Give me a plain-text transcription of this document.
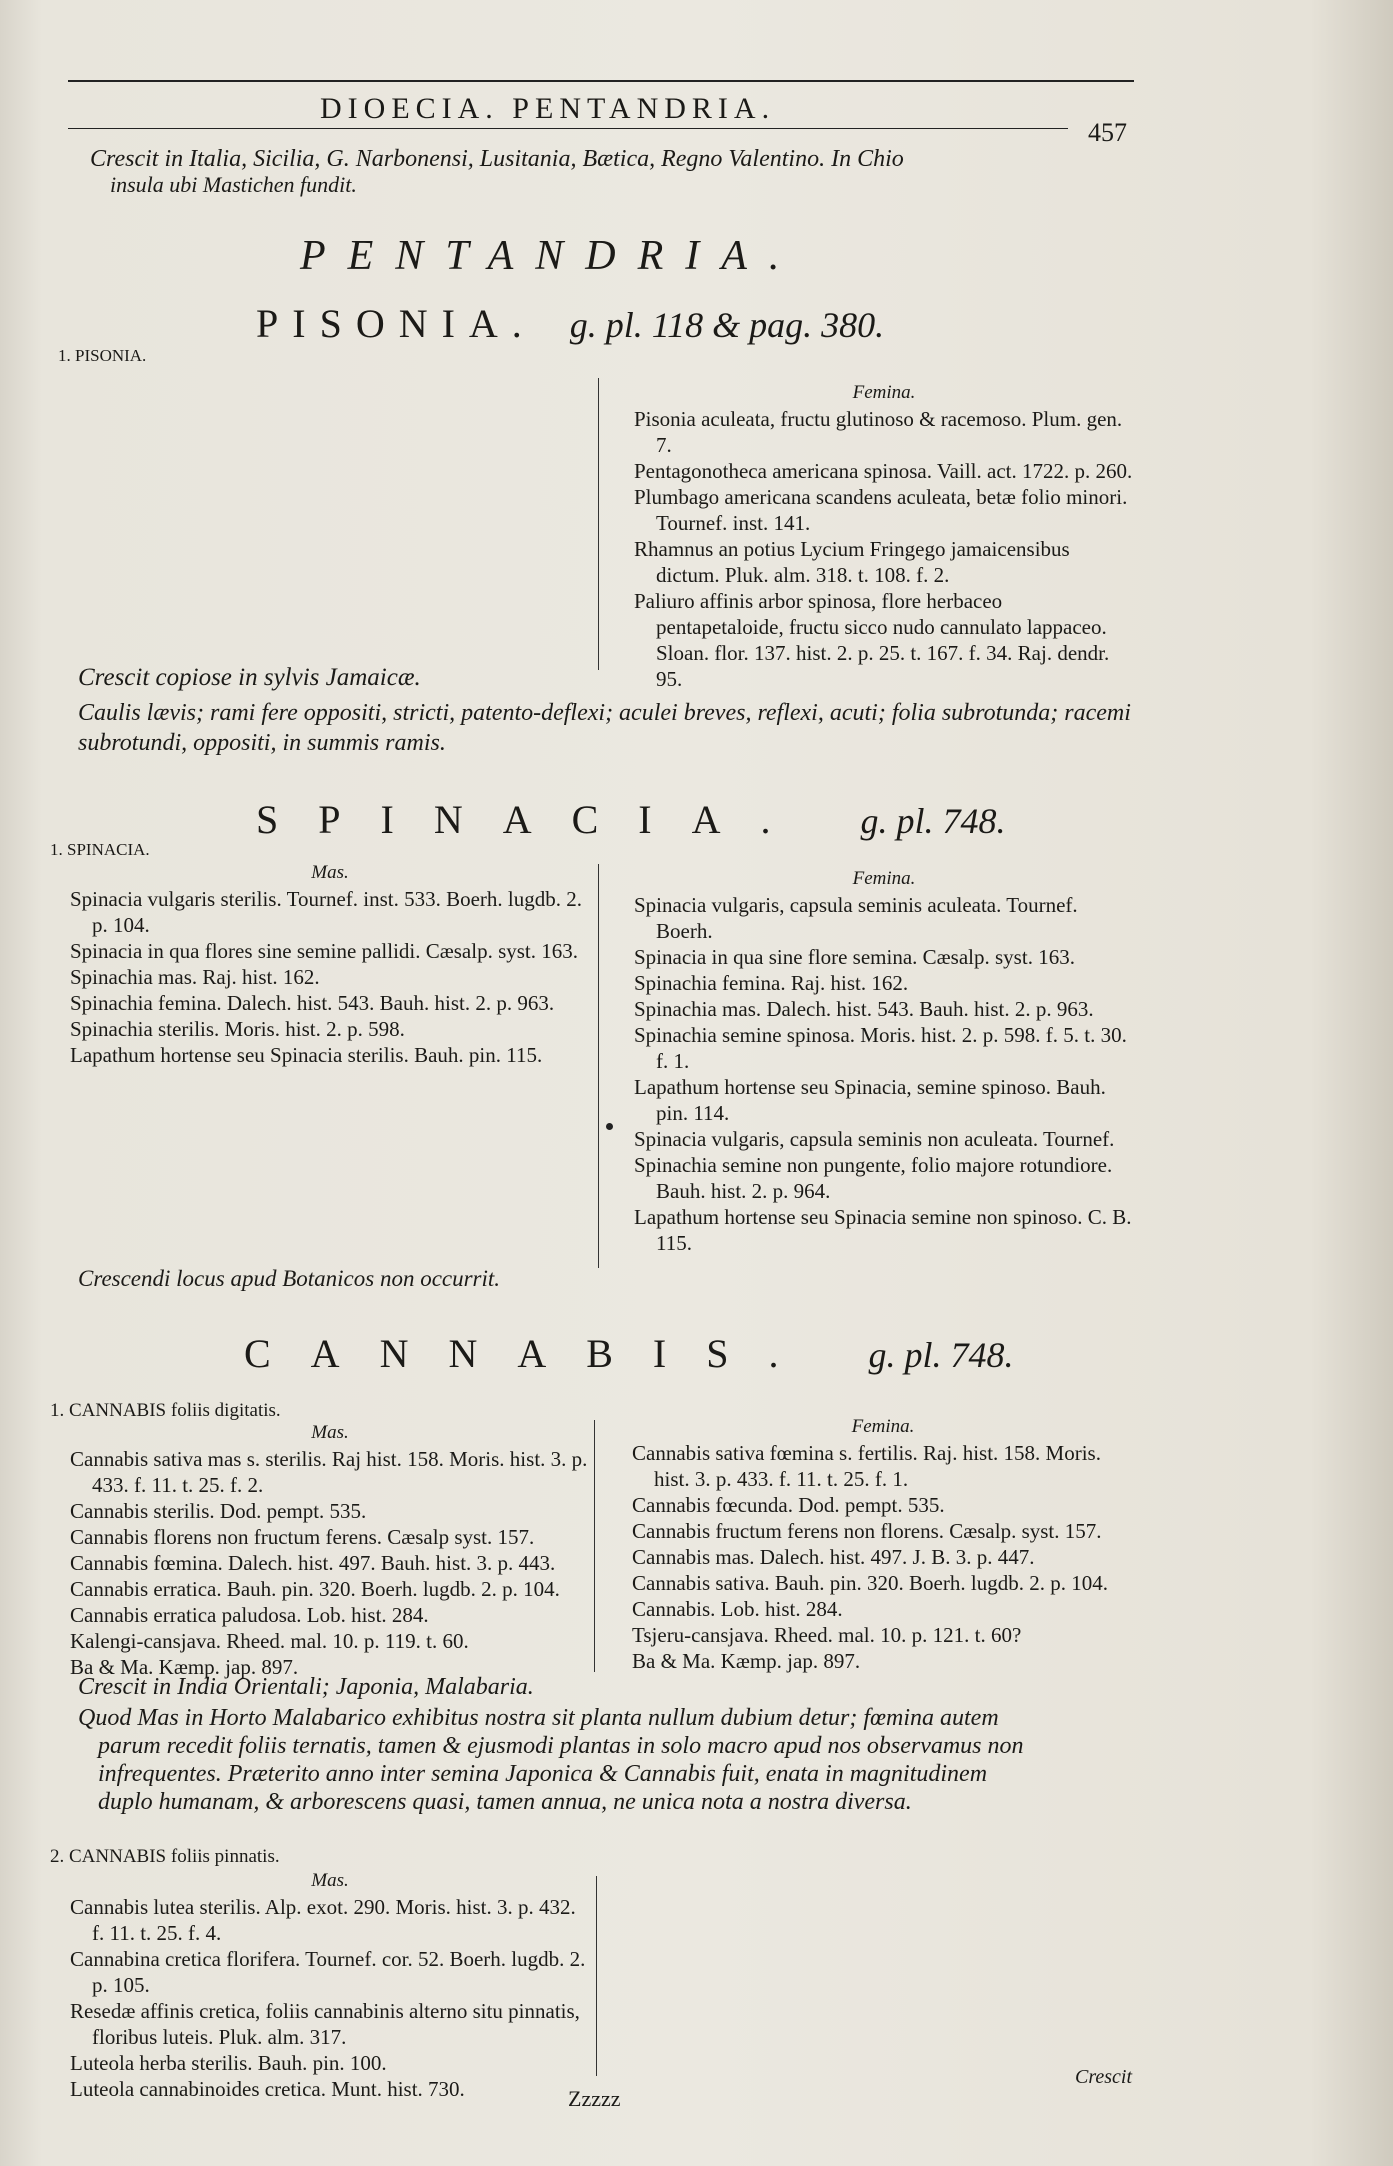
DIOECIA. PENTANDRIA.
457
Crescit in Italia, Sicilia, G. Narbonensi, Lusitania, Bætica, Regno Valentino. In Chio
insula ubi Mastichen fundit.
PENTANDRIA.
PISONIA. g. pl. 118 & pag. 380.
1. PISONIA.
Femina.
Pisonia aculeata, fructu glutinoso & racemoso. Plum. gen. 7.
Pentagonotheca americana spinosa. Vaill. act. 1722. p. 260.
Plumbago americana scandens aculeata, betæ folio minori. Tournef. inst. 141.
Rhamnus an potius Lycium Fringego jamaicensibus dictum. Pluk. alm. 318. t. 108. f. 2.
Paliuro affinis arbor spinosa, flore herbaceo pentapetaloide, fructu sicco nudo cannulato lappaceo. Sloan. flor. 137. hist. 2. p. 25. t. 167. f. 34. Raj. dendr. 95.
Crescit copiose in sylvis Jamaicæ.
Caulis lævis; rami fere oppositi, stricti, patento-deflexi; aculei breves, reflexi, acuti; folia subrotunda; racemi subrotundi, oppositi, in summis ramis.
SPINACIA. g. pl. 748.
1. SPINACIA.
Mas.
Spinacia vulgaris sterilis. Tournef. inst. 533. Boerh. lugdb. 2. p. 104.
Spinacia in qua flores sine semine pallidi. Cæsalp. syst. 163.
Spinachia mas. Raj. hist. 162.
Spinachia femina. Dalech. hist. 543. Bauh. hist. 2. p. 963.
Spinachia sterilis. Moris. hist. 2. p. 598.
Lapathum hortense seu Spinacia sterilis. Bauh. pin. 115.
Femina.
Spinacia vulgaris, capsula seminis aculeata. Tournef. Boerh.
Spinacia in qua sine flore semina. Cæsalp. syst. 163.
Spinachia femina. Raj. hist. 162.
Spinachia mas. Dalech. hist. 543. Bauh. hist. 2. p. 963.
Spinachia semine spinosa. Moris. hist. 2. p. 598. f. 5. t. 30. f. 1.
Lapathum hortense seu Spinacia, semine spinoso. Bauh. pin. 114.
Spinacia vulgaris, capsula seminis non aculeata. Tournef.
Spinachia semine non pungente, folio majore rotundiore. Bauh. hist. 2. p. 964.
Lapathum hortense seu Spinacia semine non spinoso. C. B. 115.
Crescendi locus apud Botanicos non occurrit.
CANNABIS. g. pl. 748.
1. CANNABIS foliis digitatis.
Mas.
Cannabis sativa mas s. sterilis. Raj hist. 158. Moris. hist. 3. p. 433. f. 11. t. 25. f. 2.
Cannabis sterilis. Dod. pempt. 535.
Cannabis florens non fructum ferens. Cæsalp syst. 157.
Cannabis fœmina. Dalech. hist. 497. Bauh. hist. 3. p. 443.
Cannabis erratica. Bauh. pin. 320. Boerh. lugdb. 2. p. 104.
Cannabis erratica paludosa. Lob. hist. 284.
Kalengi-cansjava. Rheed. mal. 10. p. 119. t. 60.
Ba & Ma. Kæmp. jap. 897.
Femina.
Cannabis sativa fœmina s. fertilis. Raj. hist. 158. Moris. hist. 3. p. 433. f. 11. t. 25. f. 1.
Cannabis fœcunda. Dod. pempt. 535.
Cannabis fructum ferens non florens. Cæsalp. syst. 157.
Cannabis mas. Dalech. hist. 497. J. B. 3. p. 447.
Cannabis sativa. Bauh. pin. 320. Boerh. lugdb. 2. p. 104.
Cannabis. Lob. hist. 284.
Tsjeru-cansjava. Rheed. mal. 10. p. 121. t. 60?
Ba & Ma. Kæmp. jap. 897.
Crescit in India Orientali; Japonia, Malabaria.
Quod Mas in Horto Malabarico exhibitus nostra sit planta nullum dubium detur; fœmina autem
parum recedit foliis ternatis, tamen & ejusmodi plantas in solo macro apud nos observamus non
infrequentes. Præterito anno inter semina Japonica & Cannabis fuit, enata in magnitudinem
duplo humanam, & arborescens quasi, tamen annua, ne unica nota a nostra diversa.
2. CANNABIS foliis pinnatis.
Mas.
Cannabis lutea sterilis. Alp. exot. 290. Moris. hist. 3. p. 432. f. 11. t. 25. f. 4.
Cannabina cretica florifera. Tournef. cor. 52. Boerh. lugdb. 2. p. 105.
Resedæ affinis cretica, foliis cannabinis alterno situ pinnatis, floribus luteis. Pluk. alm. 317.
Luteola herba sterilis. Bauh. pin. 100.
Luteola cannabinoides cretica. Munt. hist. 730.	Zzzzz
Crescit
